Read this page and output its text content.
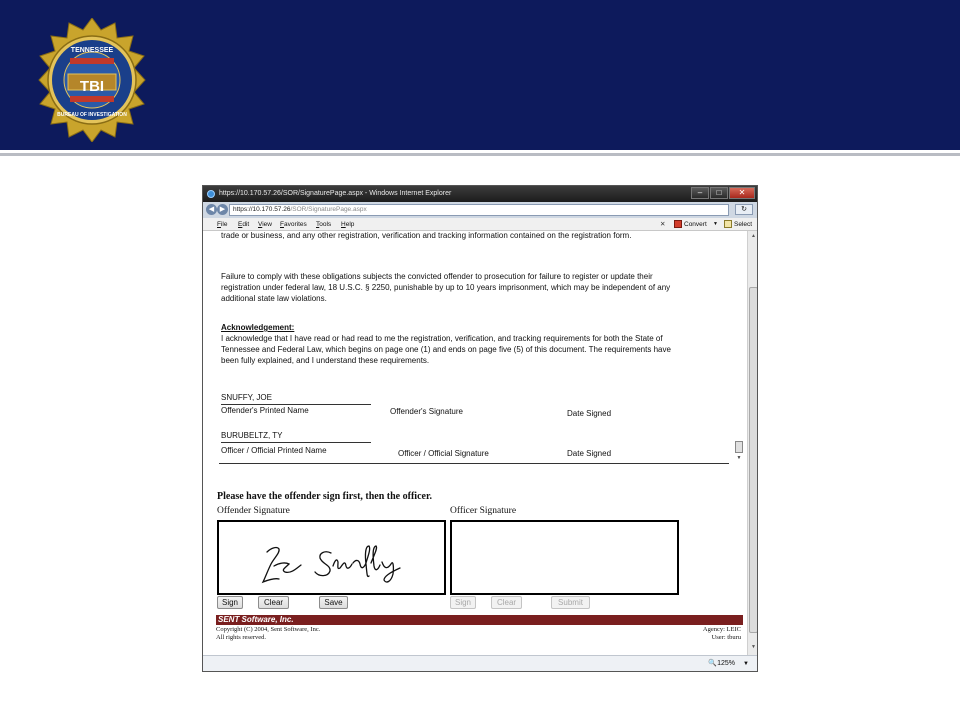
TENNESSEE
TBI
BUREAU OF INVESTIGATION
https://10.170.57.26/SOR/SignaturePage.aspx - Windows Internet Explorer	–	□	✕
◀ ▶	https://10.170.57.26/SOR/SignaturePage.aspx	↻
File Edit View Favorites Tools Help	✕	Convert ▼ Select

trade or business, and any other registration, verification and tracking information contained on the registration form.

Failure to comply with these obligations subjects the convicted offender to prosecution for failure to register or update their

registration under federal law, 18 U.S.C. § 2250, punishable by up to 10 years imprisonment, which may be independent of any

additional state law violations.

Acknowledgement:

I acknowledge that I have read or had read to me the registration, verification, and tracking requirements for both the State of

Tennessee and Federal Law, which begins on page one (1) and ends on page five (5) of this document. The requirements have

been fully explained, and I understand these requirements.

SNUFFY, JOE
Offender's Printed Name	Offender's Signature	Date Signed
BURUBELTZ, TY
Officer / Official Printed Name	Officer / Official Signature	Date Signed	▼
▲
▼
Please have the offender sign first, then the officer.
Offender Signature	Officer Signature
Sign	Clear	Save	Sign	Clear	Submit
SENT Software, Inc.
Copyright (C) 2004, Sent Software, Inc.
All rights reserved.
Agency: LEIC
User: tburu
🔍125% ▼
